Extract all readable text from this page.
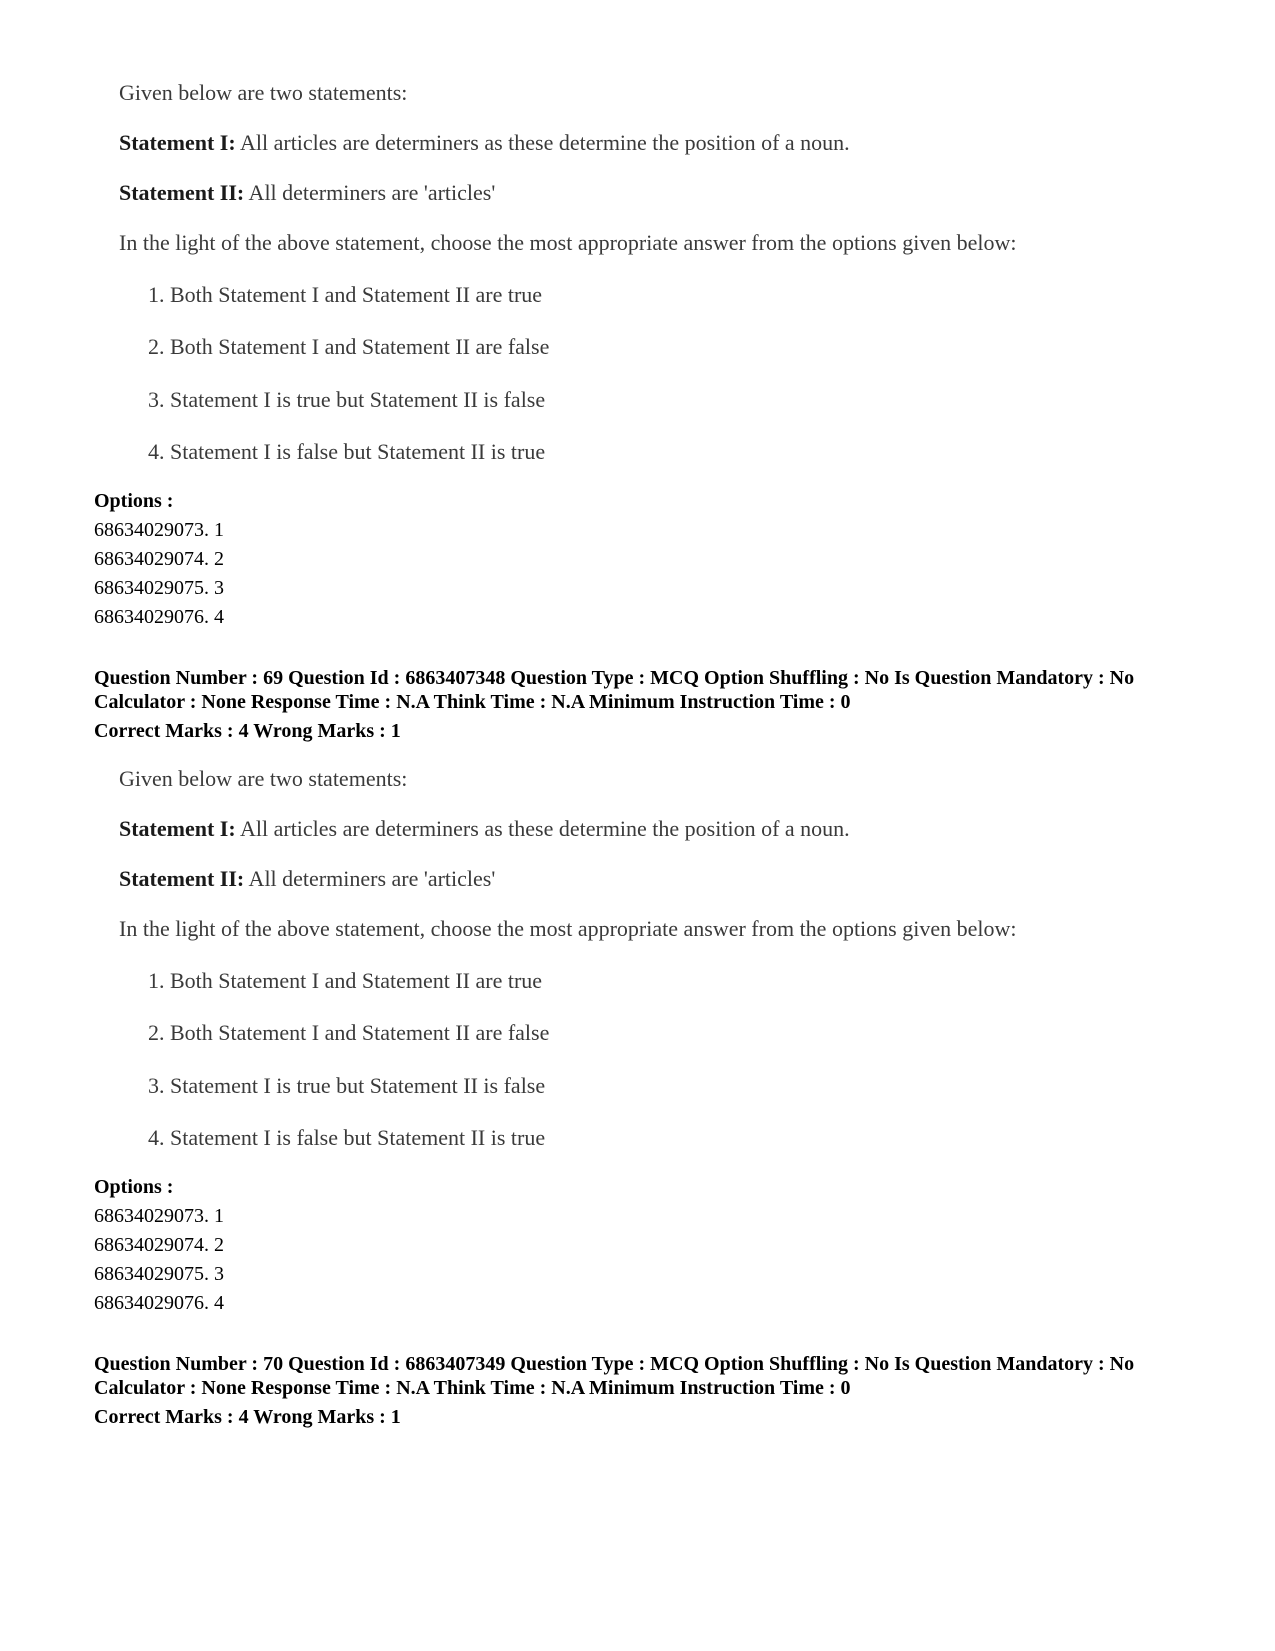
Given below are two statements:
Statement I: All articles are determiners as these determine the position of a noun.
Statement II: All determiners are 'articles'
In the light of the above statement, choose the most appropriate answer from the options given below:
1. Both Statement I and Statement II are true
2. Both Statement I and Statement II are false
3. Statement I is true but Statement II is false
4. Statement I is false but Statement II is true
Options :
68634029073. 1
68634029074. 2
68634029075. 3
68634029076. 4
Question Number : 69 Question Id : 6863407348 Question Type : MCQ Option Shuffling : No Is Question Mandatory : No Calculator : None Response Time : N.A Think Time : N.A Minimum Instruction Time : 0
Correct Marks : 4 Wrong Marks : 1
Given below are two statements:
Statement I: All articles are determiners as these determine the position of a noun.
Statement II: All determiners are 'articles'
In the light of the above statement, choose the most appropriate answer from the options given below:
1. Both Statement I and Statement II are true
2. Both Statement I and Statement II are false
3. Statement I is true but Statement II is false
4. Statement I is false but Statement II is true
Options :
68634029073. 1
68634029074. 2
68634029075. 3
68634029076. 4
Question Number : 70 Question Id : 6863407349 Question Type : MCQ Option Shuffling : No Is Question Mandatory : No Calculator : None Response Time : N.A Think Time : N.A Minimum Instruction Time : 0
Correct Marks : 4 Wrong Marks : 1
